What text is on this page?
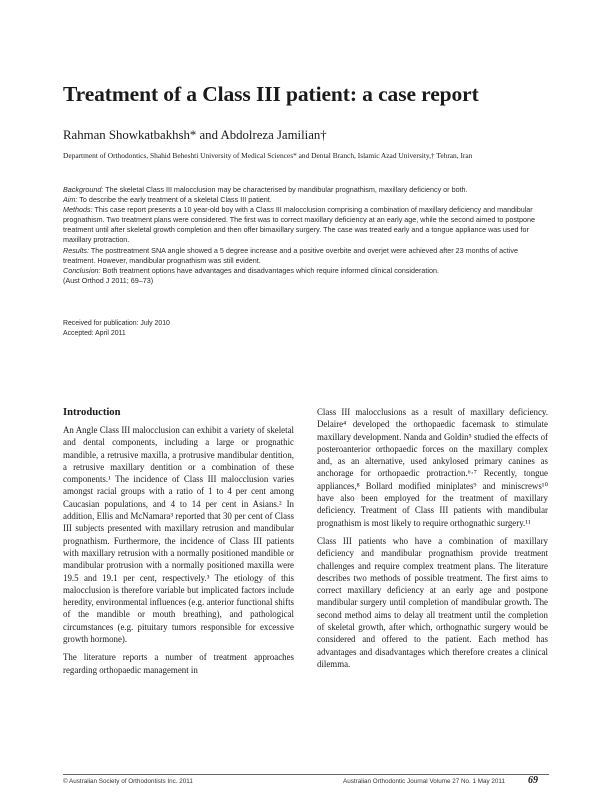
Treatment of a Class III patient: a case report

Rahman Showkatbakhsh* and Abdolreza Jamilian†

Department of Orthodontics, Shahid Beheshti University of Medical Sciences* and Dental Branch, Islamic Azad University,† Tehran, Iran

Background: The skeletal Class III malocclusion may be characterised by mandibular prognathism, maxillary deficiency or both.

Aim: To describe the early treatment of a skeletal Class III patient.

Methods: This case report presents a 10 year-old boy with a Class III malocclusion comprising a combination of maxillary deficiency and mandibular prognathism. Two treatment plans were considered. The first was to correct maxillary deficiency at an early age, while the second aimed to postpone treatment until after skeletal growth completion and then offer bimaxillary surgery. The case was treated early and a tongue appliance was used for maxillary protraction.

Results: The posttreatment SNA angle showed a 5 degree increase and a positive overbite and overjet were achieved after 23 months of active treatment. However, mandibular prognathism was still evident.

Conclusion: Both treatment options have advantages and disadvantages which require informed clinical consideration.

(Aust Orthod J 2011; 69–73)

Received for publication: July 2010

Accepted: April 2011

Introduction

An Angle Class III malocclusion can exhibit a variety of skeletal and dental components, including a large or prognathic mandible, a retrusive maxilla, a protrusive mandibular dentition, a retrusive maxillary dentition or a combination of these components.¹ The incidence of Class III malocclusion varies amongst racial groups with a ratio of 1 to 4 per cent among Caucasian populations, and 4 to 14 per cent in Asians.² In addition, Ellis and McNamara³ reported that 30 per cent of Class III subjects presented with maxillary retrusion and mandibular prognathism. Furthermore, the incidence of Class III patients with maxillary retrusion with a normally positioned mandible or mandibular protrusion with a normally positioned maxilla were 19.5 and 19.1 per cent, respectively.³ The etiology of this malocclusion is therefore variable but implicated factors include heredity, environmental influences (e.g. anterior functional shifts of the mandible or mouth breathing), and pathological circumstances (e.g. pituitary tumors responsible for excessive growth hormone).

The literature reports a number of treatment approaches regarding orthopaedic management in

Class III malocclusions as a result of maxillary deficiency. Delaire⁴ developed the orthopaedic facemask to stimulate maxillary development. Nanda and Goldin⁵ studied the effects of posteroanterior orthopaedic forces on the maxillary complex and, as an alternative, used ankylosed primary canines as anchorage for orthopaedic protraction.⁶·⁷ Recently, tongue appliances,⁸ Bollard modified miniplates⁹ and miniscrews¹⁰ have also been employed for the treatment of maxillary deficiency. Treatment of Class III patients with mandibular prognathism is most likely to require orthognathic surgery.¹¹

Class III patients who have a combination of maxillary deficiency and mandibular prognathism provide treatment challenges and require complex treatment plans. The literature describes two methods of possible treatment. The first aims to correct maxillary deficiency at an early age and postpone mandibular surgery until completion of mandibular growth. The second method aims to delay all treatment until the completion of skeletal growth, after which, orthognathic surgery would be considered and offered to the patient. Each method has advantages and disadvantages which therefore creates a clinical dilemma.

© Australian Society of Orthodontists Inc. 2011	Australian Orthodontic Journal Volume 27 No. 1 May 2011 69
